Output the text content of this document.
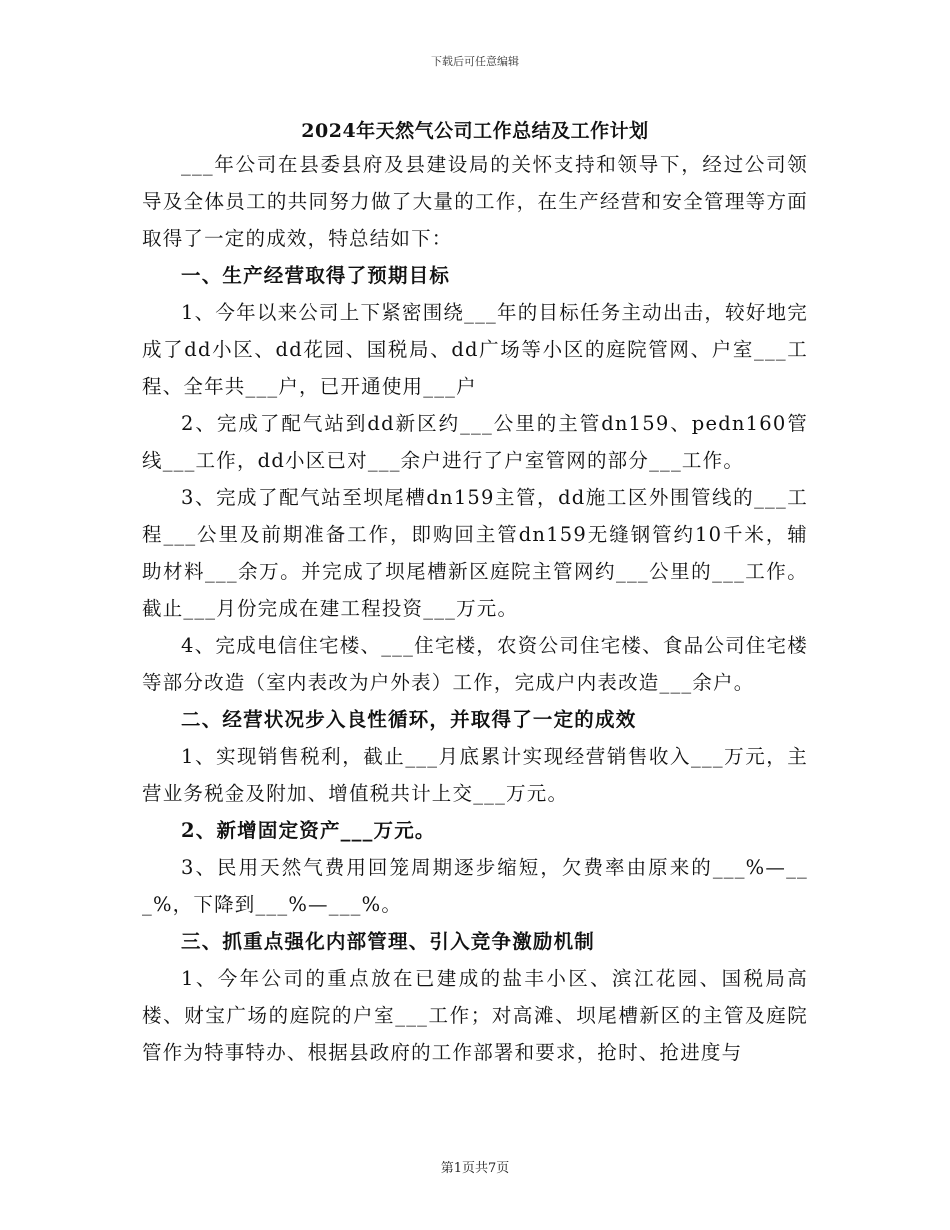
下载后可任意编辑
2024年天然气公司工作总结及工作计划

___年公司在县委县府及县建设局的关怀支持和领导下，经过公司领导及全体员工的共同努力做了大量的工作，在生产经营和安全管理等方面取得了一定的成效，特总结如下：

一、生产经营取得了预期目标

1、今年以来公司上下紧密围绕___年的目标任务主动出击，较好地完成了dd小区、dd花园、国税局、dd广场等小区的庭院管网、户室___工程、全年共___户，已开通使用___户

2、完成了配气站到dd新区约___公里的主管dn159、pedn160管线___工作，dd小区已对___余户进行了户室管网的部分___工作。

3、完成了配气站至坝尾槽dn159主管，dd施工区外围管线的___工程___公里及前期准备工作，即购回主管dn159无缝钢管约10千米，辅助材料___余万。并完成了坝尾槽新区庭院主管网约___公里的___工作。截止___月份完成在建工程投资___万元。

4、完成电信住宅楼、___住宅楼，农资公司住宅楼、食品公司住宅楼等部分改造（室内表改为户外表）工作，完成户内表改造___余户。

二、经营状况步入良性循环，并取得了一定的成效

1、实现销售税利，截止___月底累计实现经营销售收入___万元，主营业务税金及附加、增值税共计上交___万元。

2、新增固定资产___万元。

3、民用天然气费用回笼周期逐步缩短，欠费率由原来的___%—___%，下降到___%—___%。

三、抓重点强化内部管理、引入竞争激励机制

1、今年公司的重点放在已建成的盐丰小区、滨江花园、国税局高楼、财宝广场的庭院的户室___工作；对高滩、坝尾槽新区的主管及庭院管作为特事特办、根据县政府的工作部署和要求，抢时、抢进度与

第1页共7页
